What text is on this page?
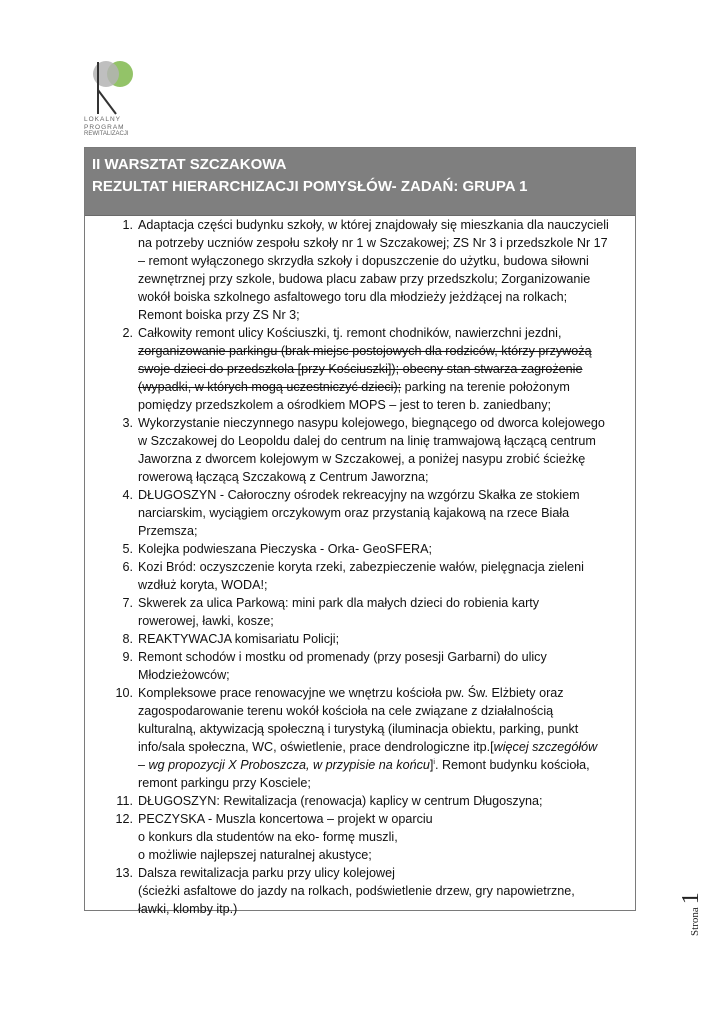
LOKALNY
PROGRAM
REWITALIZACJI
II WARSZTAT SZCZAKOWA
REZULTAT HIERARCHIZACJI POMYSŁÓW- ZADAŃ: GRUPA 1
1. Adaptacja części budynku szkoły, w której znajdowały się mieszkania dla nauczycieli
na potrzeby uczniów zespołu szkoły nr 1 w Szczakowej; ZS Nr 3 i przedszkole Nr 17
– remont wyłączonego skrzydła szkoły i dopuszczenie do użytku, budowa siłowni
zewnętrznej przy szkole, budowa placu zabaw przy przedszkolu; Zorganizowanie
wokół boiska szkolnego asfaltowego toru dla młodzieży jeżdżącej na rolkach;
Remont boiska przy ZS Nr 3;
2. Całkowity remont ulicy Kościuszki, tj. remont chodników, nawierzchni jezdni,
zorganizowanie parkingu (brak miejsc postojowych dla rodziców, którzy przywożą
swoje dzieci do przedszkola [przy Kościuszki]); obecny stan stwarza zagrożenie
(wypadki, w których mogą uczestniczyć dzieci); parking na terenie położonym
pomiędzy przedszkolem a ośrodkiem MOPS – jest to teren b. zaniedbany;
3. Wykorzystanie nieczynnego nasypu kolejowego, biegnącego od dworca kolejowego
w Szczakowej do Leopoldu dalej do centrum na linię tramwajową łączącą centrum
Jaworzna z dworcem kolejowym w Szczakowej, a poniżej nasypu zrobić ścieżkę
rowerową łączącą Szczakową z Centrum Jaworzna;
4. DŁUGOSZYN - Całoroczny ośrodek rekreacyjny na wzgórzu Skałka ze stokiem
narciarskim, wyciągiem orczykowym oraz przystanią kajakową na rzece Biała
Przemsza;
5. Kolejka podwieszana Pieczyska - Orka- GeoSFERA;
6. Kozi Bród: oczyszczenie koryta rzeki, zabezpieczenie wałów, pielęgnacja zieleni
wzdłuż koryta, WODA!;
7. Skwerek za ulica Parkową: mini park dla małych dzieci do robienia karty
rowerowej, ławki, kosze;
8. REAKTYWACJA komisariatu Policji;
9. Remont schodów i mostku od promenady (przy posesji Garbarni) do ulicy
Młodzieżowców;
10. Kompleksowe prace renowacyjne we wnętrzu kościoła pw. Św. Elżbiety oraz
zagospodarowanie terenu wokół kościoła na cele związane z działalnością
kulturalną, aktywizacją społeczną i turystyką (iluminacja obiektu, parking, punkt
info/sala społeczna, WC, oświetlenie, prace dendrologiczne itp.[więcej szczegółów
– wg propozycji X Proboszcza, w przypisie na końcu]$^i$. Remont budynku kościoła,
remont parkingu przy Kosciele;
11. DŁUGOSZYN: Rewitalizacja (renowacja) kaplicy w centrum Długoszyna;
12. PECZYSKA - Muszla koncertowa – projekt w oparciu
o konkurs dla studentów na eko- formę muszli,
o możliwie najlepszej naturalnej akustyce;
13. Dalsza rewitalizacja parku przy ulicy kolejowej
(ścieżki asfaltowe do jazdy na rolkach, podświetlenie drzew, gry napowietrzne,
ławki, klomby itp.)	Strona1
